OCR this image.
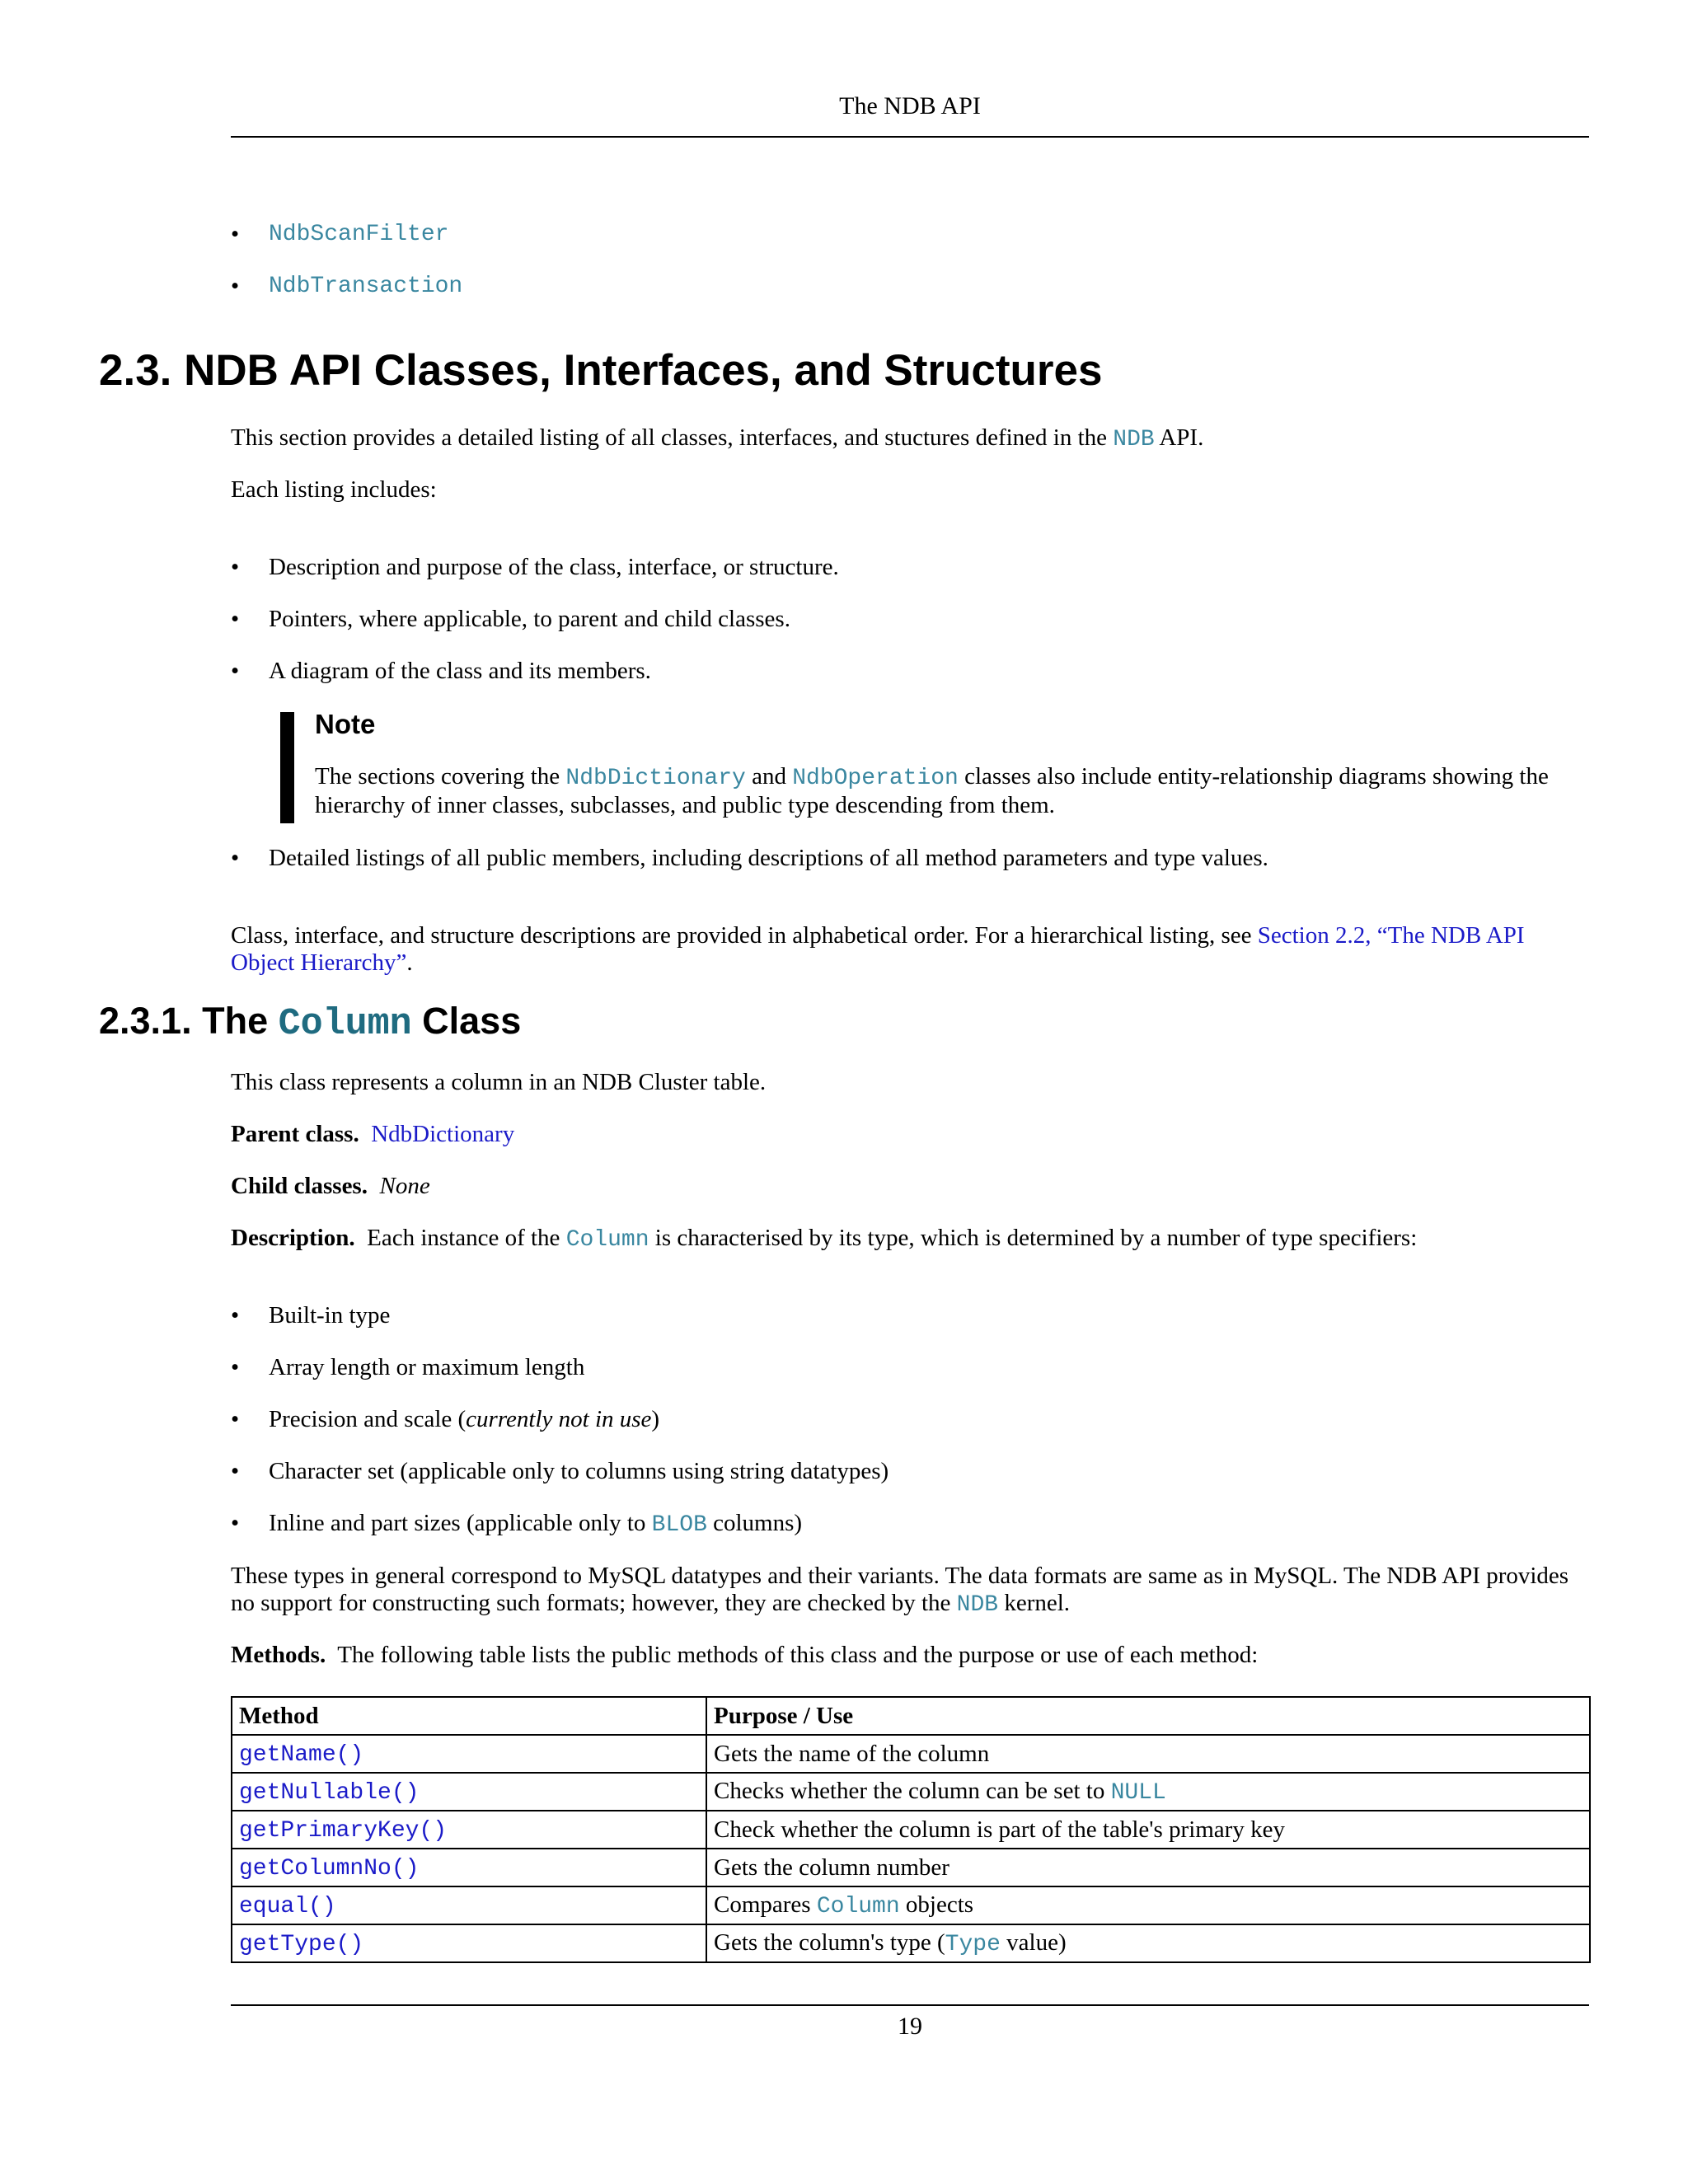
The NDB API
• NdbScanFilter
• NdbTransaction
2.3. NDB API Classes, Interfaces, and Structures
This section provides a detailed listing of all classes, interfaces, and stuctures defined in the NDB API.
Each listing includes:
• Description and purpose of the class, interface, or structure.
• Pointers, where applicable, to parent and child classes.
• A diagram of the class and its members.
Note
The sections covering the NdbDictionary and NdbOperation classes also include entity-relationship diagrams showing the hierarchy of inner classes, subclasses, and public type descending from them.
• Detailed listings of all public members, including descriptions of all method parameters and type values.
Class, interface, and structure descriptions are provided in alphabetical order. For a hierarchical listing, see Section 2.2, “The NDB API Object Hierarchy”.
2.3.1. The Column Class
This class represents a column in an NDB Cluster table.
Parent class. NdbDictionary
Child classes. None
Description. Each instance of the Column is characterised by its type, which is determined by a number of type specifiers:
• Built-in type
• Array length or maximum length
• Precision and scale (currently not in use)
• Character set (applicable only to columns using string datatypes)
• Inline and part sizes (applicable only to BLOB columns)
These types in general correspond to MySQL datatypes and their variants. The data formats are same as in MySQL. The NDB API provides no support for constructing such formats; however, they are checked by the NDB kernel.
Methods. The following table lists the public methods of this class and the purpose or use of each method:
Method	Purpose / Use
getName()	Gets the name of the column
getNullable()	Checks whether the column can be set to NULL
getPrimaryKey()	Check whether the column is part of the table's primary key
getColumnNo()	Gets the column number
equal()	Compares Column objects
getType()	Gets the column's type (Type value)
19
